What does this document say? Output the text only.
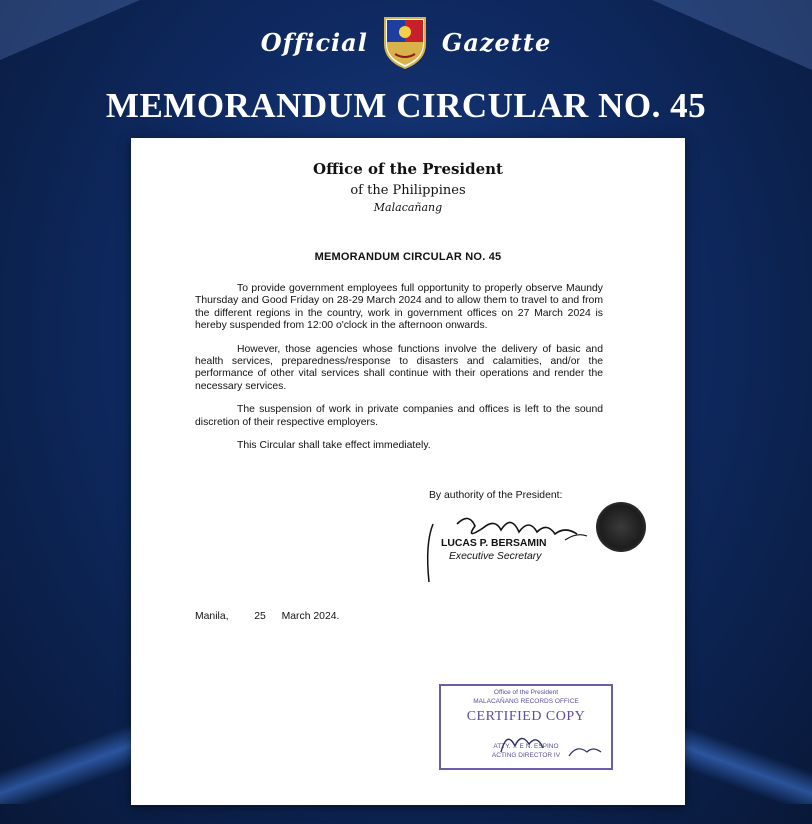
Official	Gazette
MEMORANDUM CIRCULAR NO. 45
Office of the President
of the Philippines
Malacañang
MEMORANDUM CIRCULAR NO. 45

To provide government employees full opportunity to properly observe Maundy Thursday and Good Friday on 28-29 March 2024 and to allow them to travel to and from the different regions in the country, work in government offices on 27 March 2024 is hereby suspended from 12:00 o'clock in the afternoon onwards.

However, those agencies whose functions involve the delivery of basic and health services, preparedness/response to disasters and calamities, and/or the performance of other vital services shall continue with their operations and render the necessary services.

The suspension of work in private companies and offices is left to the sound discretion of their respective employers.

This Circular shall take effect immediately.

By authority of the President:
LUCAS P. BERSAMIN
Executive Secretary
Manila, 25 March 2024.
Office of the President
MALACAÑANG RECORDS OFFICE
CERTIFIED COPY
ATTY. ... E N. ESPINO
ACTING DIRECTOR IV
